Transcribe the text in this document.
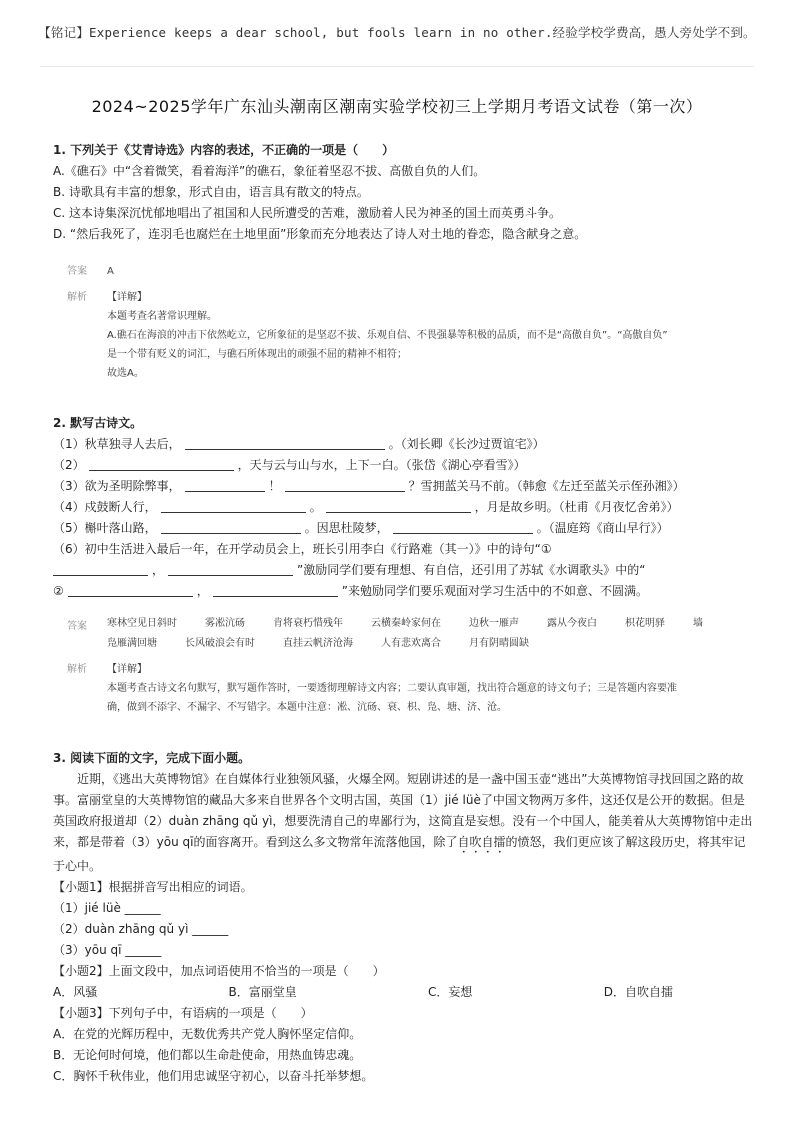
【铭记】Experience keeps a dear school, but fools learn in no other.经验学校学费高，愚人旁处学不到。
2024~2025学年广东汕头潮南区潮南实验学校初三上学期月考语文试卷（第一次）
1. 下列关于《艾青诗选》内容的表述，不正确的一项是（　　）
A.《礁石》中“含着微笑，看着海洋”的礁石，象征着坚忍不拔、高傲自负的人们。
B. 诗歌具有丰富的想象，形式自由，语言具有散文的特点。
C. 这本诗集深沉忧郁地唱出了祖国和人民所遭受的苦难，激励着人民为神圣的国土而英勇斗争。
D. “然后我死了，连羽毛也腐烂在土地里面”形象而充分地表达了诗人对土地的眷恋，隐含献身之意。
答案 A
解析	【详解】
本题考查名著常识理解。
A.礁石在海浪的冲击下依然屹立，它所象征的是坚忍不拔、乐观自信、不畏强暴等积极的品质，而不是“高傲自负”。“高傲自负”
是一个带有贬义的词汇，与礁石所体现出的顽强不屈的精神不相符；
故选A。
2. 默写古诗文。
（1）秋草独寻人去后，	。（刘长卿《长沙过贾谊宅》）
（2）	，天与云与山与水，上下一白。（张岱《湖心亭看雪》）
（3）欲为圣明除弊事，	！	？雪拥蓝关马不前。（韩愈《左迁至蓝关示侄孙湘》）
（4）戍鼓断人行，	。	，月是故乡明。（杜甫《月夜忆舍弟》）
（5）槲叶落山路，	。因思杜陵梦，	。（温庭筠《商山早行》）
（6）初中生活进入最后一年，在开学动员会上，班长引用李白《行路难（其一）》中的诗句“①
，	”激励同学们要有理想、有自信，还引用了苏轼《水调歌头》中的“
②	，	”来勉励同学们要乐观面对学习生活中的不如意、不圆满。
答案	寒林空见日斜时	雾凇沆砀	肯将衰朽惜残年	云横秦岭家何在	边秋一雁声	露从今夜白	枳花明驿	墙
凫雁满回塘	长风破浪会有时	直挂云帆济沧海	人有悲欢离合	月有阴晴圆缺
解析	【详解】
本题考查古诗文名句默写，默写题作答时，一要透彻理解诗文内容；二要认真审题，找出符合题意的诗文句子；三是答题内容要准
确，做到不添字、不漏字、不写错字。本题中注意：凇、沆砀、衰、枳、凫、塘、济、沧。
3. 阅读下面的文字，完成下面小题。
近期，《逃出大英博物馆》在自媒体行业独领风骚，火爆全网。短剧讲述的是一盏中国玉壶“逃出”大英博物馆寻找回国之路的故事。富丽堂皇的大英博物馆的藏品大多来自世界各个文明古国，英国（1）jié lüè了中国文物两万多件，这还仅是公开的数据。但是英国政府报道却（2）duàn zhāng qǔ yì，想要洗清自己的卑鄙行为，这简直是妄想。没有一个中国人，能美着从大英博物馆中走出来，都是带着（3）yōu qī的面容离开。看到这么多文物常年流落他国，除了自吹自擂的愤怒，我们更应该了解这段历史，将其牢记于心中。
【小题1】根据拼音写出相应的词语。
（1）jié lüè ______
（2）duàn zhāng qǔ yì ______
（3）yōu qī ______
【小题2】上面文段中，加点词语使用不恰当的一项是（　　）
A．风骚	B．富丽堂皇	C．妄想	D．自吹自擂
【小题3】下列句子中，有语病的一项是（　　）
A．在党的光辉历程中，无数优秀共产党人胸怀坚定信仰。
B．无论何时何境，他们都以生命赴使命，用热血铸忠魂。
C．胸怀千秋伟业，他们用忠诚坚守初心，以奋斗托举梦想。
